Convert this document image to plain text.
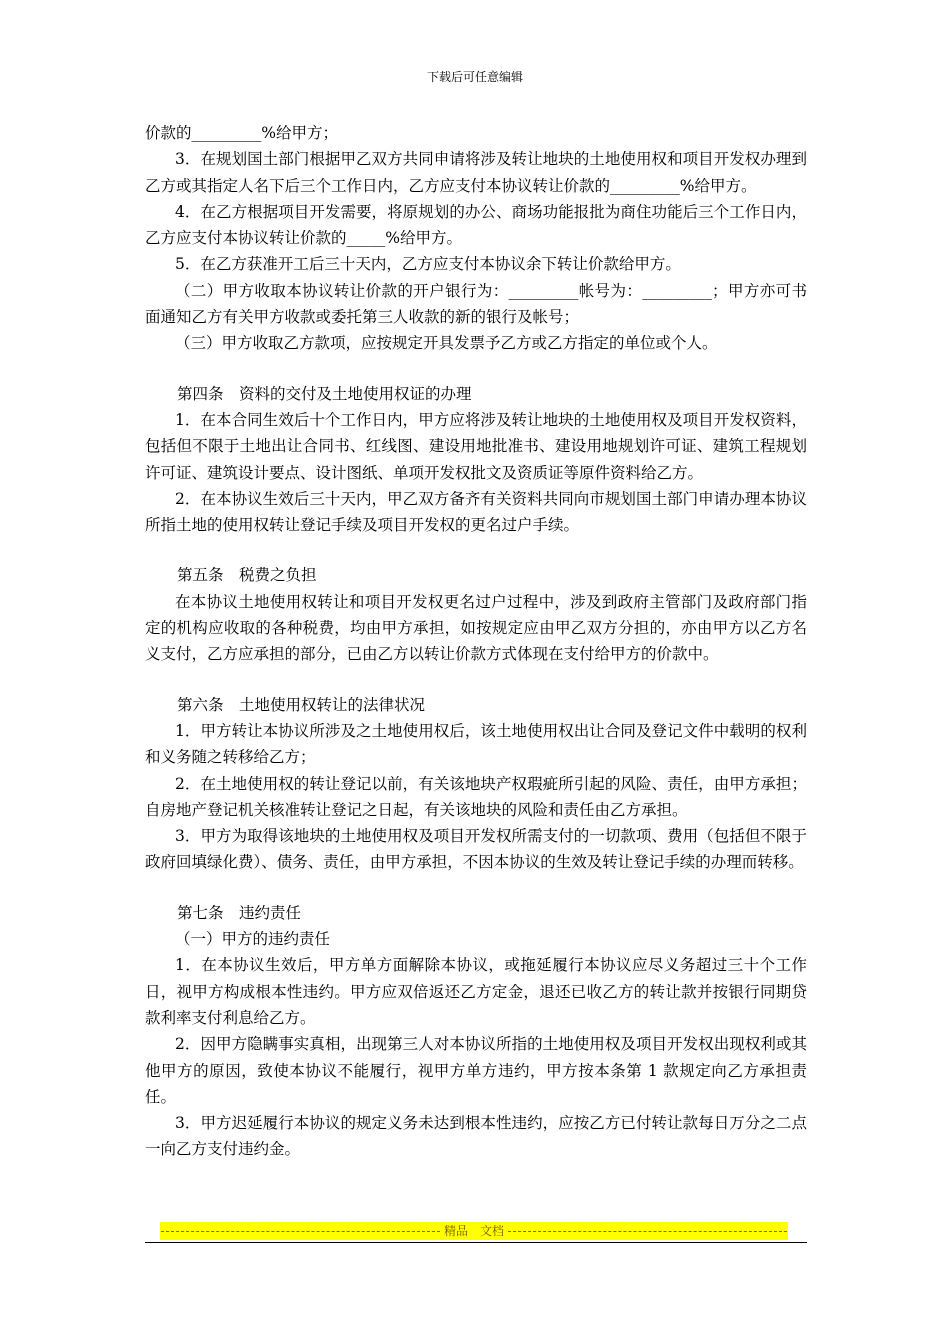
下载后可任意编辑

价款的_________%给甲方；

3．在规划国土部门根据甲乙双方共同申请将涉及转让地块的土地使用权和项目开发权办理到乙方或其指定人名下后三个工作日内，乙方应支付本协议转让价款的_________%给甲方。

4．在乙方根据项目开发需要，将原规划的办公、商场功能报批为商住功能后三个工作日内，乙方应支付本协议转让价款的_____%给甲方。

5．在乙方获准开工后三十天内，乙方应支付本协议余下转让价款给甲方。

（二）甲方收取本协议转让价款的开户银行为：_________帐号为：_________；甲方亦可书面通知乙方有关甲方收款或委托第三人收款的新的银行及帐号；

（三）甲方收取乙方款项，应按规定开具发票予乙方或乙方指定的单位或个人。

第四条　资料的交付及土地使用权证的办理

1．在本合同生效后十个工作日内，甲方应将涉及转让地块的土地使用权及项目开发权资料，包括但不限于土地出让合同书、红线图、建设用地批准书、建设用地规划许可证、建筑工程规划许可证、建筑设计要点、设计图纸、单项开发权批文及资质证等原件资料给乙方。

2．在本协议生效后三十天内，甲乙双方备齐有关资料共同向市规划国土部门申请办理本协议所指土地的使用权转让登记手续及项目开发权的更名过户手续。

第五条　税费之负担

在本协议土地使用权转让和项目开发权更名过户过程中，涉及到政府主管部门及政府部门指定的机构应收取的各种税费，均由甲方承担，如按规定应由甲乙双方分担的，亦由甲方以乙方名义支付，乙方应承担的部分，已由乙方以转让价款方式体现在支付给甲方的价款中。

第六条　土地使用权转让的法律状况

1．甲方转让本协议所涉及之土地使用权后，该土地使用权出让合同及登记文件中载明的权利和义务随之转移给乙方；

2．在土地使用权的转让登记以前，有关该地块产权瑕疵所引起的风险、责任，由甲方承担；自房地产登记机关核准转让登记之日起，有关该地块的风险和责任由乙方承担。

3．甲方为取得该地块的土地使用权及项目开发权所需支付的一切款项、费用（包括但不限于政府回填绿化费）、债务、责任，由甲方承担，不因本协议的生效及转让登记手续的办理而转移。

第七条　违约责任

（一）甲方的违约责任

1．在本协议生效后，甲方单方面解除本协议，或拖延履行本协议应尽义务超过三十个工作日，视甲方构成根本性违约。甲方应双倍返还乙方定金，退还已收乙方的转让款并按银行同期贷款利率支付利息给乙方。

2．因甲方隐瞒事实真相，出现第三人对本协议所指的土地使用权及项目开发权出现权利或其他甲方的原因，致使本协议不能履行，视甲方单方违约，甲方按本条第 1 款规定向乙方承担责任。

3．甲方迟延履行本协议的规定义务未达到根本性违约，应按乙方已付转让款每日万分之二点一向乙方支付违约金。

精品　文档
